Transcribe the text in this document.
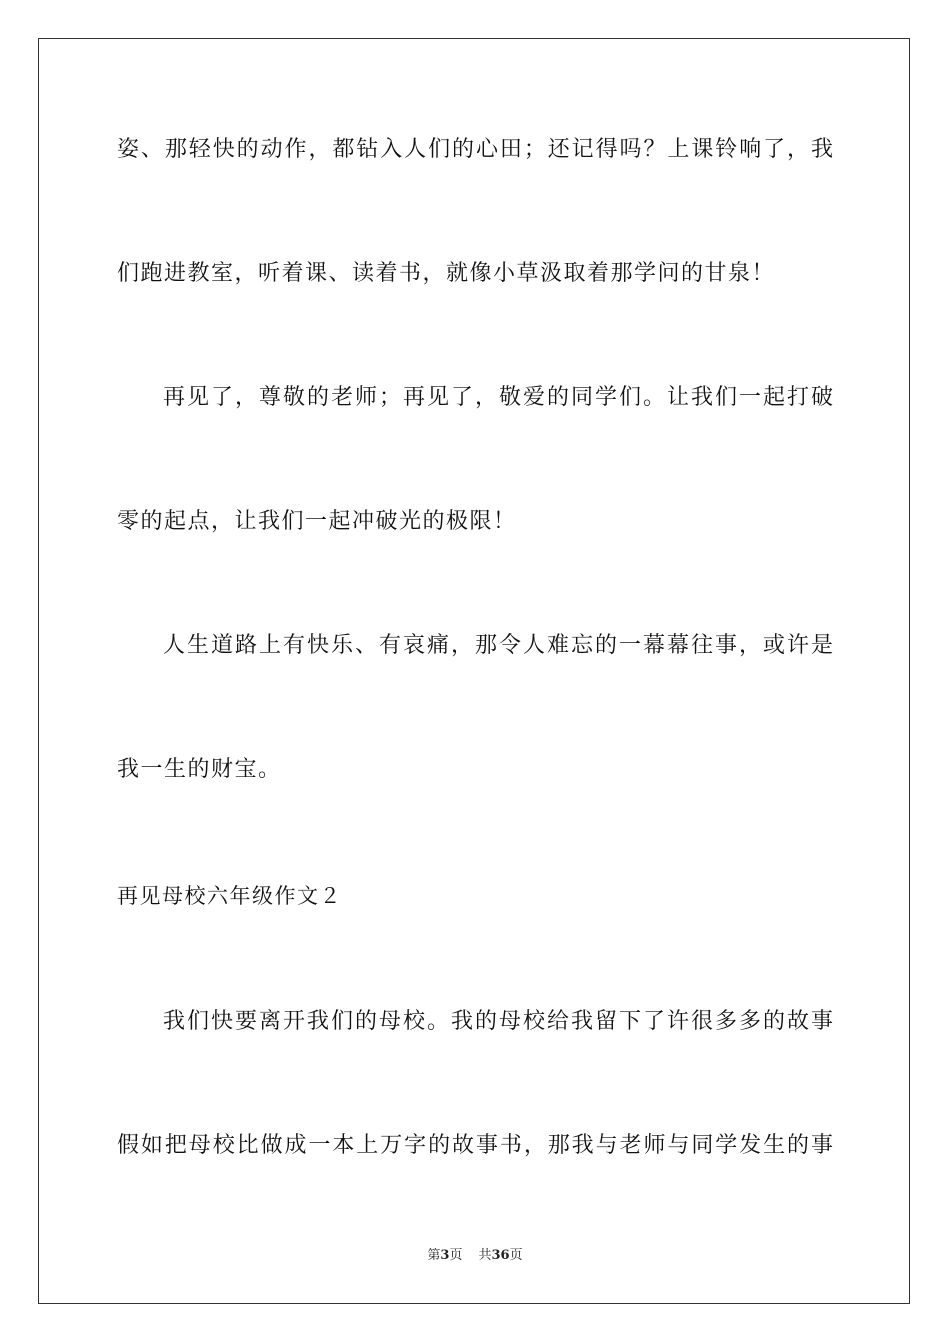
姿、那轻快的动作，都钻入人们的心田；还记得吗？上课铃响了，我
们跑进教室，听着课、读着书，就像小草汲取着那学问的甘泉！
再见了，尊敬的老师；再见了，敬爱的同学们。让我们一起打破
零的起点，让我们一起冲破光的极限！
人生道路上有快乐、有哀痛，那令人难忘的一幕幕往事，或许是
我一生的财宝。
再见母校六年级作文２
我们快要离开我们的母校。我的母校给我留下了许很多多的故事
假如把母校比做成一本上万字的故事书，那我与老师与同学发生的事
第3页 共36页
